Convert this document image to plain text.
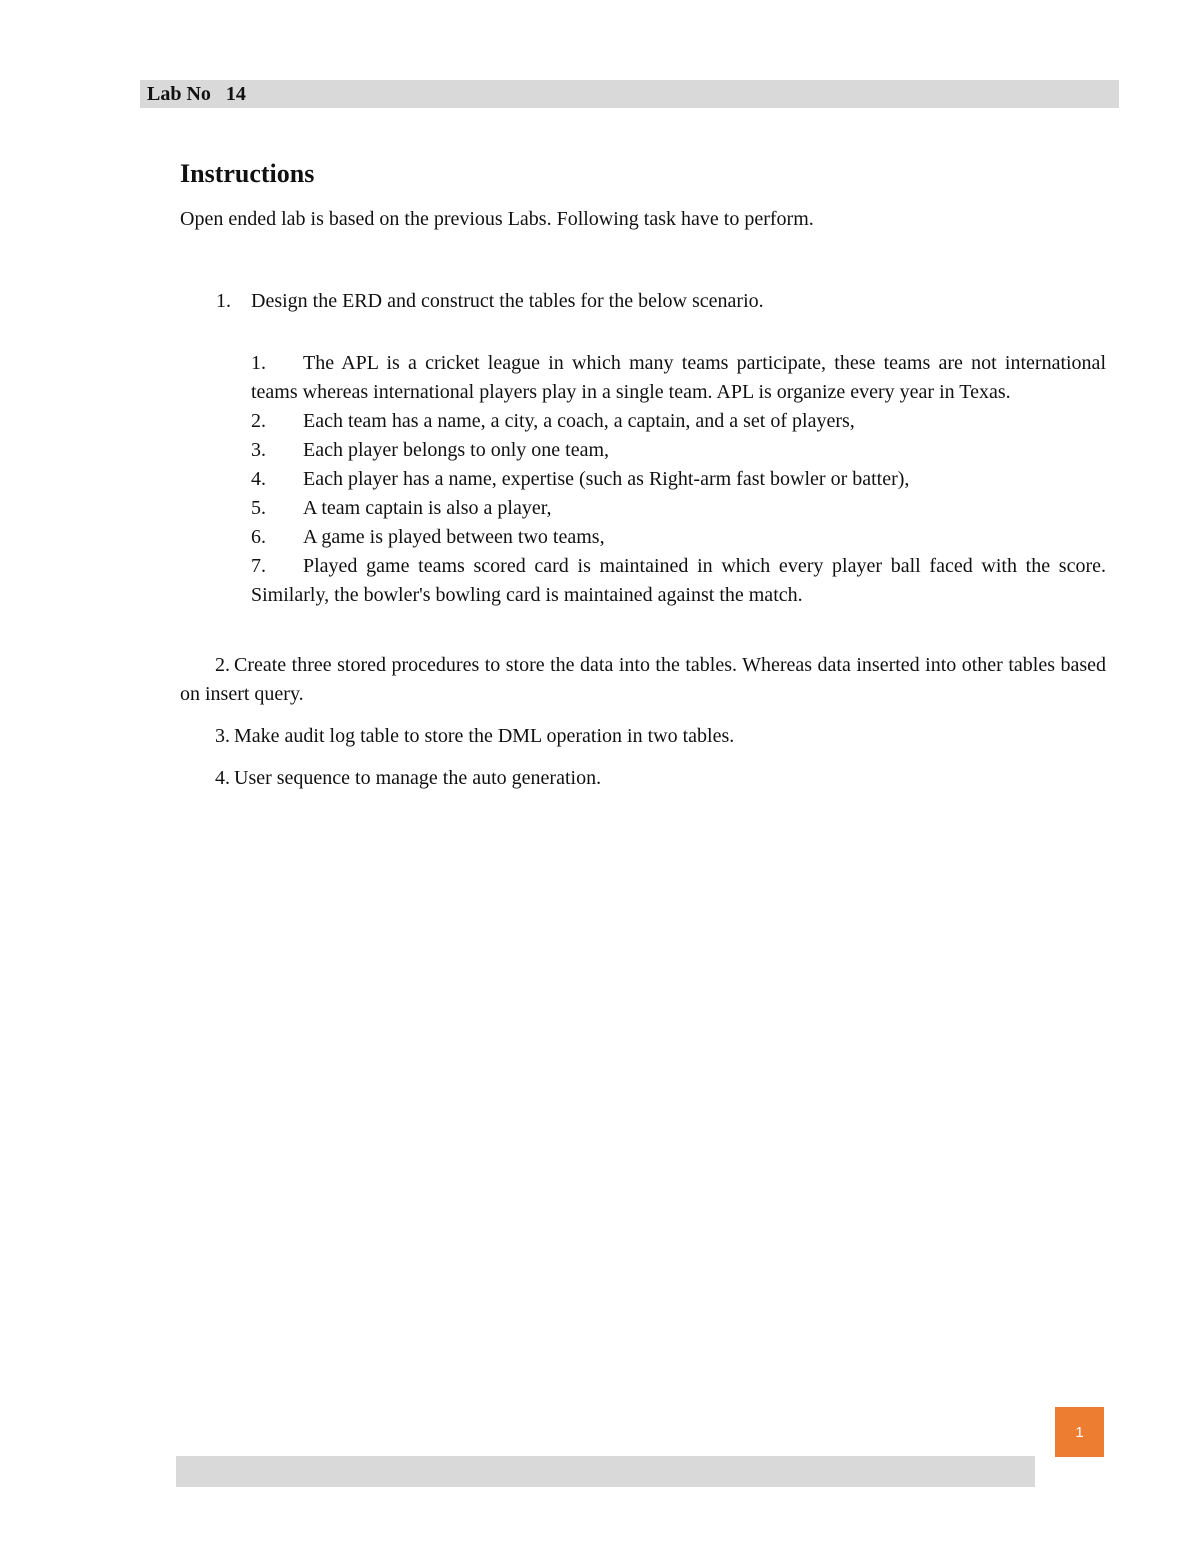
Lab No   14
Instructions

Open ended lab is based on the previous Labs. Following task have to perform.

1. Design the ERD and construct the tables for the below scenario.
1. The APL is a cricket league in which many teams participate, these teams are not international teams whereas international players play in a single team. APL is organize every year in Texas.
2. Each team has a name, a city, a coach, a captain, and a set of players,
3. Each player belongs to only one team,
4. Each player has a name, expertise (such as Right-arm fast bowler or batter),
5. A team captain is also a player,
6. A game is played between two teams,
7. Played game teams scored card is maintained in which every player ball faced with the score. Similarly, the bowler's bowling card is maintained against the match.
2. Create three stored procedures to store the data into the tables. Whereas data inserted into other tables based on insert query.
3. Make audit log table to store the DML operation in two tables.
4. User sequence to manage the auto generation.
1
